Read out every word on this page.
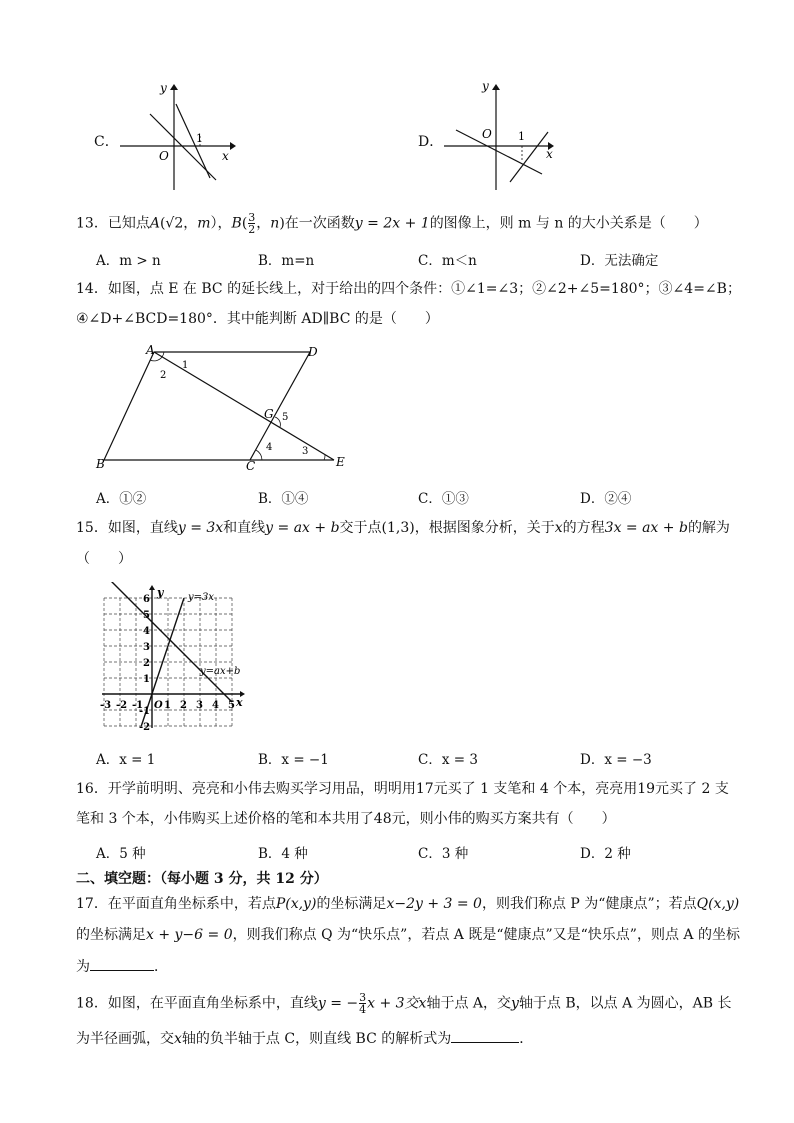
C．
y
x
O
1	D．
y
x
O 1
13．已知点A(√2，m），$B( \frac{3}{2}$ ，n)在一次函数y = 2x + 1的图像上，则 m 与 n 的大小关系是（　　）
A．m > n	B．m=n	C．m＜n	D．无法确定
14．如图，点 E 在 BC 的延长线上，对于给出的四个条件：①∠1=∠3；②∠2+∠5=180°；③∠4=∠B；
④∠D+∠BCD=180°．其中能判断 AD∥BC 的是（　　）
A	D
B	C	E
G
1
2
3
4
5
A．①②	B．①④	C．①③	D．②④
15．如图，直线y = 3x和直线y = ax + b交于点(1,3)，根据图象分析，关于x的方程3x = ax + b的解为
（　　）
-3 -2 -1 1 2 3 4 5
6
5
4
3
2
1
-1
-2
y
x
O
y=3x
y=ax+b
A．x = 1	B．x = −1	C．x = 3	D．x = −3
16．开学前明明、亮亮和小伟去购买学习用品，明明用17元买了 1 支笔和 4 个本，亮亮用19元买了 2 支
笔和 3 个本，小伟购买上述价格的笔和本共用了48元，则小伟的购买方案共有（　　）
A．5 种	B．4 种	C．3 种	D．2 种
二、填空题：（每小题 3 分，共 12 分）
17．在平面直角坐标系中，若点P(x,y)的坐标满足x−2y + 3 = 0，则我们称点 P 为“健康点”；若点Q(x,y)
的坐标满足x + y−6 = 0，则我们称点 Q 为“快乐点”，若点 A 既是“健康点”又是“快乐点”，则点 A 的坐标
为	．
18．如图，在平面直角坐标系中，直线y = − $\frac{3}{4}$ x + 3交x轴于点 A，交y轴于点 B，以点 A 为圆心，AB 长
为半径画弧，交x轴的负半轴于点 C，则直线 BC 的解析式为	．
